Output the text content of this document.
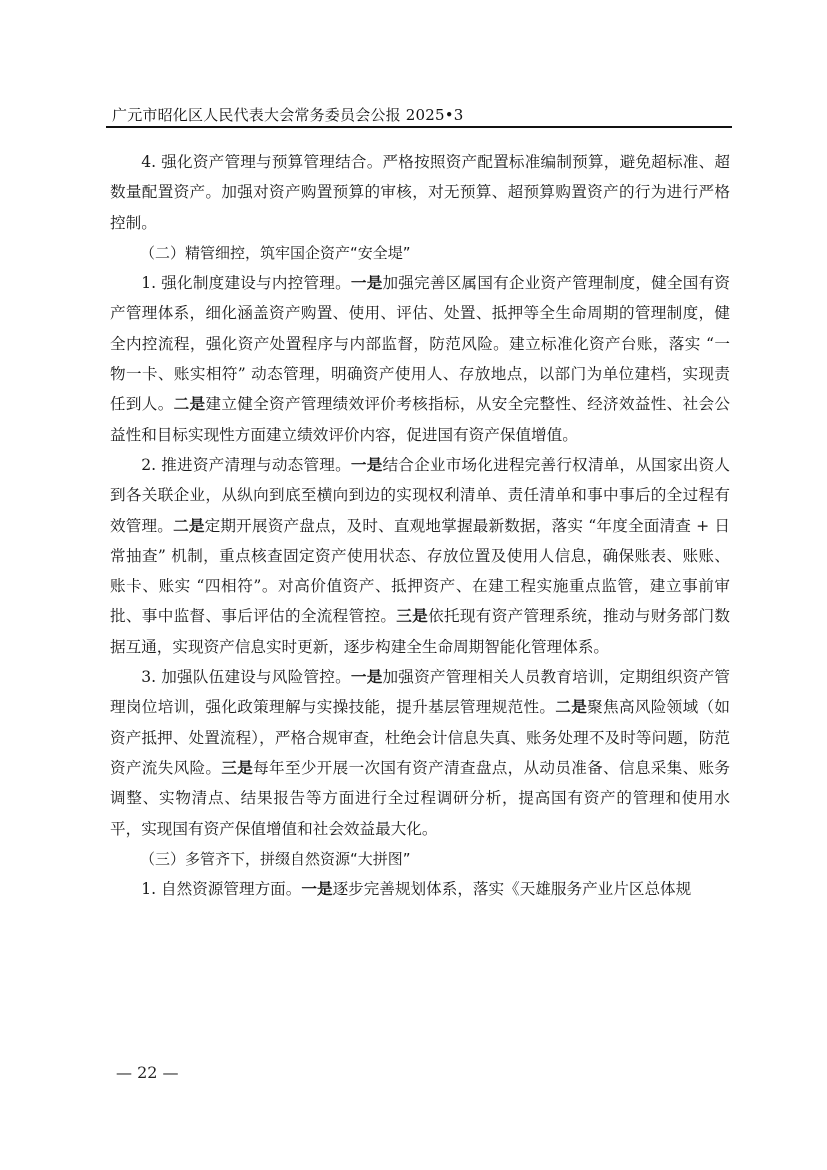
广元市昭化区人民代表大会常务委员会公报 2025•3

4. 强化资产管理与预算管理结合。严格按照资产配置标准编制预算，避免超标准、超数量配置资产。加强对资产购置预算的审核，对无预算、超预算购置资产的行为进行严格控制。

（二）精管细控，筑牢国企资产“安全堤”

1. 强化制度建设与内控管理。一是加强完善区属国有企业资产管理制度，健全国有资产管理体系，细化涵盖资产购置、使用、评估、处置、抵押等全生命周期的管理制度，健全内控流程，强化资产处置程序与内部监督，防范风险。建立标准化资产台账，落实 “一物一卡、账实相符” 动态管理，明确资产使用人、存放地点，以部门为单位建档，实现责任到人。二是建立健全资产管理绩效评价考核指标，从安全完整性、经济效益性、社会公益性和目标实现性方面建立绩效评价内容，促进国有资产保值增值。

2. 推进资产清理与动态管理。一是结合企业市场化进程完善行权清单，从国家出资人到各关联企业，从纵向到底至横向到边的实现权利清单、责任清单和事中事后的全过程有效管理。二是定期开展资产盘点，及时、直观地掌握最新数据，落实 “年度全面清查 + 日常抽查” 机制，重点核查固定资产使用状态、存放位置及使用人信息，确保账表、账账、账卡、账实 “四相符”。对高价值资产、抵押资产、在建工程实施重点监管，建立事前审批、事中监督、事后评估的全流程管控。三是依托现有资产管理系统，推动与财务部门数据互通，实现资产信息实时更新，逐步构建全生命周期智能化管理体系。

3. 加强队伍建设与风险管控。一是加强资产管理相关人员教育培训，定期组织资产管理岗位培训，强化政策理解与实操技能，提升基层管理规范性。二是聚焦高风险领域（如资产抵押、处置流程），严格合规审查，杜绝会计信息失真、账务处理不及时等问题，防范资产流失风险。三是每年至少开展一次国有资产清查盘点，从动员准备、信息采集、账务调整、实物清点、结果报告等方面进行全过程调研分析，提高国有资产的管理和使用水平，实现国有资产保值增值和社会效益最大化。

（三）多管齐下，拼缀自然资源“大拼图”

1. 自然资源管理方面。一是逐步完善规划体系，落实《天雄服务产业片区总体规

— 22 —
